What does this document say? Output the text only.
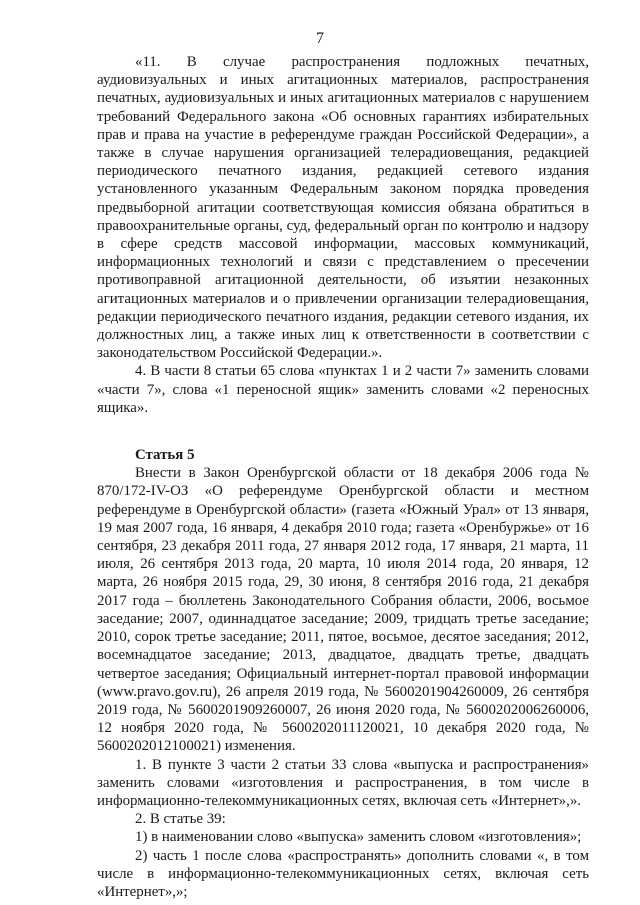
7

«11. В случае распространения подложных печатных, аудиовизуальных и иных агитационных материалов, распространения печатных, аудиовизуальных и иных агитационных материалов с нарушением требований Федерального закона «Об основных гарантиях избирательных прав и права на участие в референдуме граждан Российской Федерации», а также в случае нарушения организацией телерадиовещания, редакцией периодического печатного издания, редакцией сетевого издания установленного указанным Федеральным законом порядка проведения предвыборной агитации соответствующая комиссия обязана обратиться в правоохранительные органы, суд, федеральный орган по контролю и надзору в сфере средств массовой информации, массовых коммуникаций, информационных технологий и связи с представлением о пресечении противоправной агитационной деятельности, об изъятии незаконных агитационных материалов и о привлечении организации телерадиовещания, редакции периодического печатного издания, редакции сетевого издания, их должностных лиц, а также иных лиц к ответственности в соответствии с законодательством Российской Федерации.».

4. В части 8 статьи 65 слова «пунктах 1 и 2 части 7» заменить словами «части 7», слова «1 переносной ящик» заменить словами «2 переносных ящика».

Статья 5

Внести в Закон Оренбургской области от 18 декабря 2006 года № 870/172-IV-ОЗ «О референдуме Оренбургской области и местном референдуме в Оренбургской области» (газета «Южный Урал» от 13 января, 19 мая 2007 года, 16 января, 4 декабря 2010 года; газета «Оренбуржье» от 16 сентября, 23 декабря 2011 года, 27 января 2012 года, 17 января, 21 марта, 11 июля, 26 сентября 2013 года, 20 марта, 10 июля 2014 года, 20 января, 12 марта, 26 ноября 2015 года, 29, 30 июня, 8 сентября 2016 года, 21 декабря 2017 года – бюллетень Законодательного Собрания области, 2006, восьмое заседание; 2007, одиннадцатое заседание; 2009, тридцать третье заседание; 2010, сорок третье заседание; 2011, пятое, восьмое, десятое заседания; 2012, восемнадцатое заседание; 2013, двадцатое, двадцать третье, двадцать четвертое заседания; Официальный интернет-портал правовой информации (www.pravo.gov.ru), 26 апреля 2019 года, № 5600201904260009, 26 сентября 2019 года, № 5600201909260007, 26 июня 2020 года, № 5600202006260006, 12 ноября 2020 года, № 5600202011120021, 10 декабря 2020 года, № 5600202012100021) изменения.

1. В пункте 3 части 2 статьи 33 слова «выпуска и распространения» заменить словами «изготовления и распространения, в том числе в информационно-телекоммуникационных сетях, включая сеть «Интернет»,».

2. В статье 39:

1) в наименовании слово «выпуска» заменить словом «изготовления»;

2) часть 1 после слова «распространять» дополнить словами «, в том числе в информационно-телекоммуникационных сетях, включая сеть «Интернет»,»;
